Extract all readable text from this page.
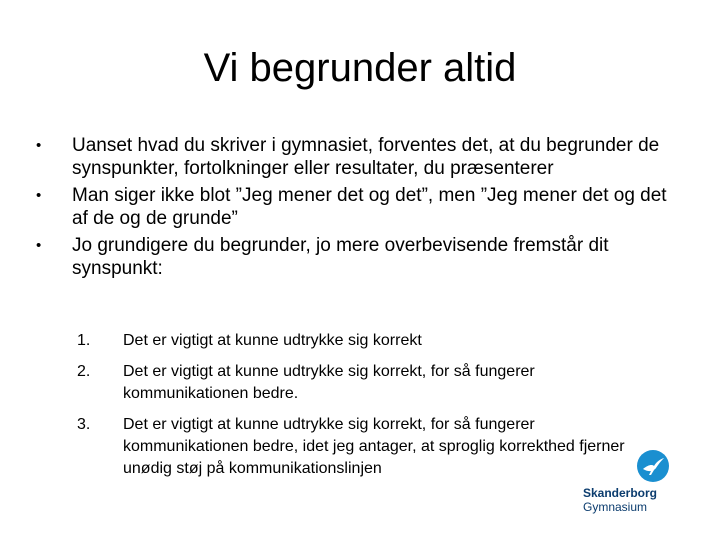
Vi begrunder altid
•	Uanset hvad du skriver i gymnasiet, forventes det, at du begrunder de synspunkter, fortolkninger eller resultater, du præsenterer
•	Man siger ikke blot ”Jeg mener det og det”, men ”Jeg mener det og det af de og de grunde”
•	Jo grundigere du begrunder, jo mere overbevisende fremstår dit synspunkt:
1. Det er vigtigt at kunne udtrykke sig korrekt
2. Det er vigtigt at kunne udtrykke sig korrekt, for så fungerer kommunikationen bedre.
3. Det er vigtigt at kunne udtrykke sig korrekt, for så fungerer kommunikationen bedre, idet jeg antager, at sproglig korrekthed fjerner unødig støj på kommunikationslinjen
Skanderborg
Gymnasium
